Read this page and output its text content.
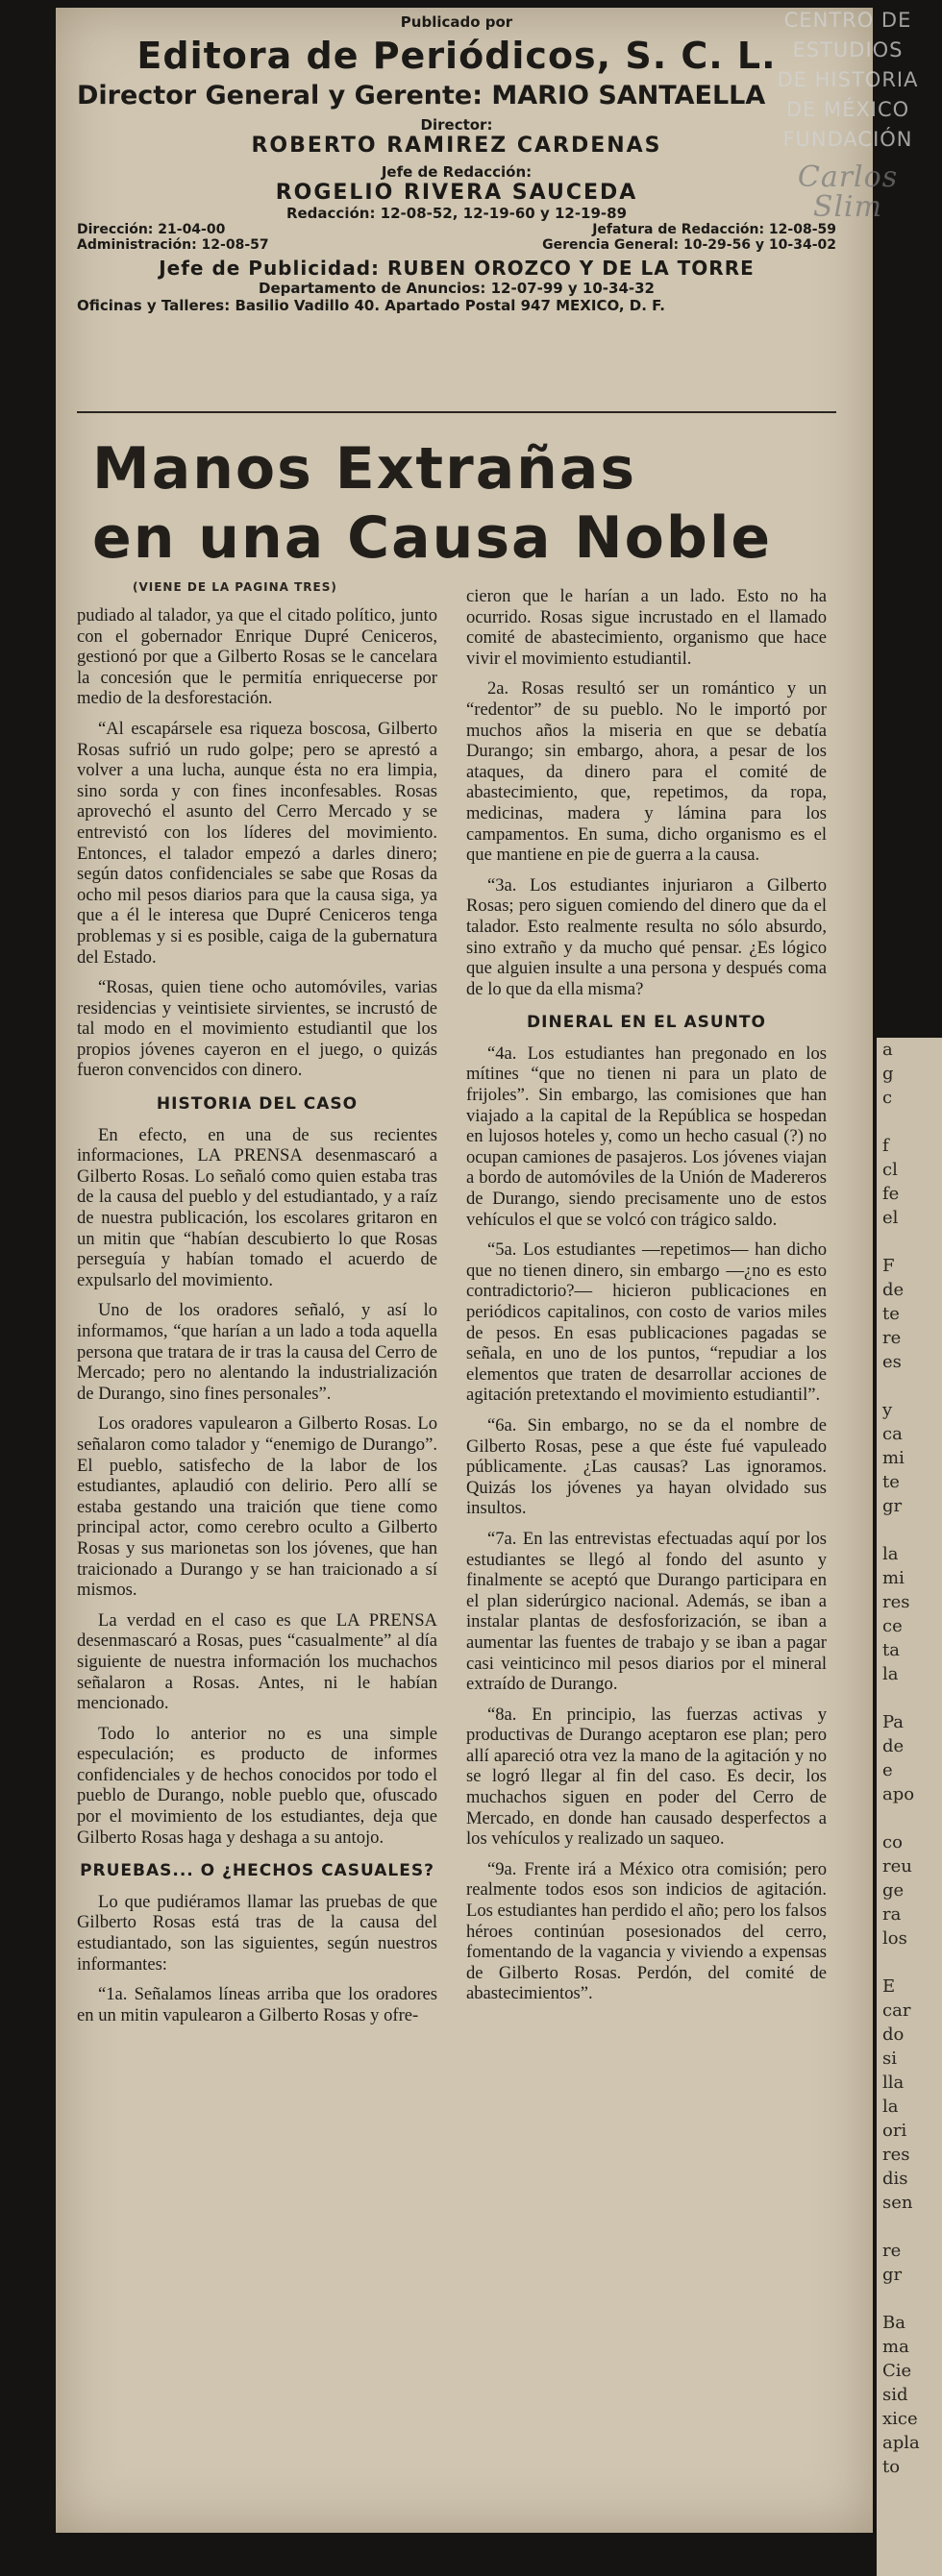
a
g
c

f
cl
fe
el

F
de
te
re
es

y
ca
mi
te
gr

la
mi
res
ce
ta
la

Pa
de
e
apo

co
reu
ge
ra
los

E
car
do
si
lla
la
ori
res
dis
sen

re
gr

Ba
ma
Cie
sid
xice
apla
to
CENTRO DE
ESTUDIOS
DE HISTORIA
DE MÉXICO
FUNDACIÓN
Carlos Slim
Publicado por
Editora de Periódicos, S. C. L.
Director General y Gerente: MARIO SANTAELLA
Director:
ROBERTO RAMIREZ CARDENAS
Jefe de Redacción:
ROGELIO RIVERA SAUCEDA
Redacción: 12-08-52, 12-19-60 y 12-19-89
Dirección: 21-04-00	Jefatura de Redacción: 12-08-59
Administración: 12-08-57	Gerencia General: 10-29-56 y 10-34-02
Jefe de Publicidad: RUBEN OROZCO Y DE LA TORRE
Departamento de Anuncios: 12-07-99 y 10-34-32
Oficinas y Talleres: Basilio Vadillo 40. Apartado Postal 947 MEXICO, D. F.
Manos Extrañas
en una Causa Noble
(VIENE DE LA PAGINA TRES)

pudiado al talador, ya que el citado político, junto con el gobernador Enrique Dupré Ceniceros, gestionó por que a Gilberto Rosas se le cancelara la concesión que le permitía enriquecerse por medio de la desforestación.

“Al escapársele esa riqueza boscosa, Gilberto Rosas sufrió un rudo golpe; pero se aprestó a volver a una lucha, aunque ésta no era limpia, sino sorda y con fines inconfesables. Rosas aprovechó el asunto del Cerro Mercado y se entrevistó con los líderes del movimiento. Entonces, el talador empezó a darles dinero; según datos confidenciales se sabe que Rosas da ocho mil pesos diarios para que la causa siga, ya que a él le interesa que Dupré Ceniceros tenga problemas y si es posible, caiga de la gubernatura del Estado.

“Rosas, quien tiene ocho automóviles, varias residencias y veintisiete sirvientes, se incrustó de tal modo en el movimiento estudiantil que los propios jóvenes cayeron en el juego, o quizás fueron convencidos con dinero.

HISTORIA DEL CASO

En efecto, en una de sus recientes informaciones, LA PRENSA desenmascaró a Gilberto Rosas. Lo señaló como quien estaba tras de la causa del pueblo y del estudiantado, y a raíz de nuestra publicación, los escolares gritaron en un mitin que “habían descubierto lo que Rosas perseguía y habían tomado el acuerdo de expulsarlo del movimiento.

Uno de los oradores señaló, y así lo informamos, “que harían a un lado a toda aquella persona que tratara de ir tras la causa del Cerro de Mercado; pero no alentando la industrialización de Durango, sino fines personales”.

Los oradores vapulearon a Gilberto Rosas. Lo señalaron como talador y “enemigo de Durango”. El pueblo, satisfecho de la labor de los estudiantes, aplaudió con delirio. Pero allí se estaba gestando una traición que tiene como principal actor, como cerebro oculto a Gilberto Rosas y sus marionetas son los jóvenes, que han traicionado a Durango y se han traicionado a sí mismos.

La verdad en el caso es que LA PRENSA desenmascaró a Rosas, pues “casualmente” al día siguiente de nuestra información los muchachos señalaron a Rosas. Antes, ni le habían mencionado.

Todo lo anterior no es una simple especulación; es producto de informes confidenciales y de hechos conocidos por todo el pueblo de Durango, noble pueblo que, ofuscado por el movimiento de los estudiantes, deja que Gilberto Rosas haga y deshaga a su antojo.

PRUEBAS... O ¿HECHOS CASUALES?

Lo que pudiéramos llamar las pruebas de que Gilberto Rosas está tras de la causa del estudiantado, son las siguientes, según nuestros informantes:

“1a. Señalamos líneas arriba que los oradores en un mitin vapulearon a Gilberto Rosas y ofre-

cieron que le harían a un lado. Esto no ha ocurrido. Rosas sigue incrustado en el llamado comité de abastecimiento, organismo que hace vivir el movimiento estudiantil.

2a. Rosas resultó ser un romántico y un “redentor” de su pueblo. No le importó por muchos años la miseria en que se debatía Durango; sin embargo, ahora, a pesar de los ataques, da dinero para el comité de abastecimiento, que, repetimos, da ropa, medicinas, madera y lámina para los campamentos. En suma, dicho organismo es el que mantiene en pie de guerra a la causa.

“3a. Los estudiantes injuriaron a Gilberto Rosas; pero siguen comiendo del dinero que da el talador. Esto realmente resulta no sólo absurdo, sino extraño y da mucho qué pensar. ¿Es lógico que alguien insulte a una persona y después coma de lo que da ella misma?

DINERAL EN EL ASUNTO

“4a. Los estudiantes han pregonado en los mítines “que no tienen ni para un plato de frijoles”. Sin embargo, las comisiones que han viajado a la capital de la República se hospedan en lujosos hoteles y, como un hecho casual (?) no ocupan camiones de pasajeros. Los jóvenes viajan a bordo de automóviles de la Unión de Madereros de Durango, siendo precisamente uno de estos vehículos el que se volcó con trágico saldo.

“5a. Los estudiantes —repetimos— han dicho que no tienen dinero, sin embargo —¿no es esto contradictorio?— hicieron publicaciones en periódicos capitalinos, con costo de varios miles de pesos. En esas publicaciones pagadas se señala, en uno de los puntos, “repudiar a los elementos que traten de desarrollar acciones de agitación pretextando el movimiento estudiantil”.

“6a. Sin embargo, no se da el nombre de Gilberto Rosas, pese a que éste fué vapuleado públicamente. ¿Las causas? Las ignoramos. Quizás los jóvenes ya hayan olvidado sus insultos.

“7a. En las entrevistas efectuadas aquí por los estudiantes se llegó al fondo del asunto y finalmente se aceptó que Durango participara en el plan siderúrgico nacional. Además, se iban a instalar plantas de desfosforización, se iban a aumentar las fuentes de trabajo y se iban a pagar casi veinticinco mil pesos diarios por el mineral extraído de Durango.

“8a. En principio, las fuerzas activas y productivas de Durango aceptaron ese plan; pero allí apareció otra vez la mano de la agitación y no se logró llegar al fin del caso. Es decir, los muchachos siguen en poder del Cerro de Mercado, en donde han causado desperfectos a los vehículos y realizado un saqueo.

“9a. Frente irá a México otra comisión; pero realmente todos esos son indicios de agitación. Los estudiantes han perdido el año; pero los falsos héroes continúan posesionados del cerro, fomentando de la vagancia y viviendo a expensas de Gilberto Rosas. Perdón, del comité de abastecimientos”.
